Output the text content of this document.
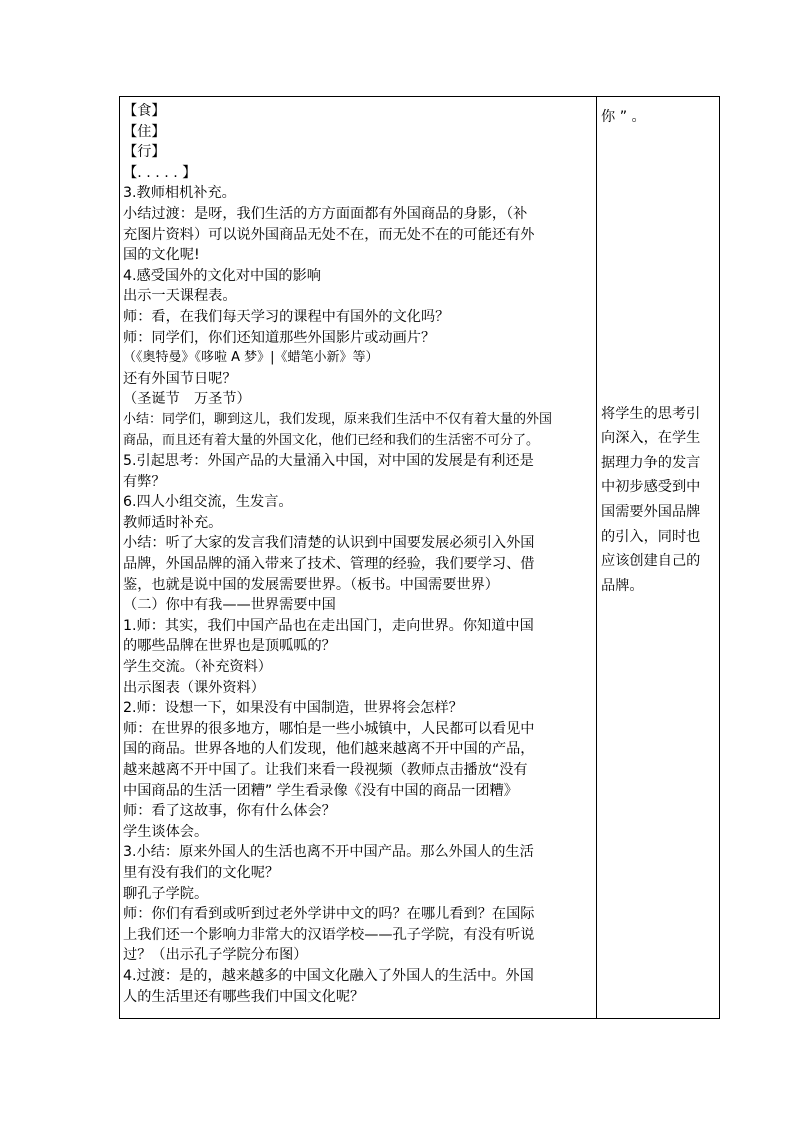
【食】
【住】
【行】
【. . . . . 】
3.教师相机补充。
小结过渡：是呀，我们生活的方方面面都有外国商品的身影，（补
充图片资料）可以说外国商品无处不在，而无处不在的可能还有外
国的文化呢!
4.感受国外的文化对中国的影响
出示一天课程表。
师：看，在我们每天学习的课程中有国外的文化吗？
师：同学们，你们还知道那些外国影片或动画片？
（《奥特曼》《哆啦 A 梦》|《蜡笔小新》等）
还有外国节日呢？
（圣诞节　万圣节）
小结：同学们，聊到这儿，我们发现，原来我们生活中不仅有着大量的外国
商品，而且还有着大量的外国文化，他们已经和我们的生活密不可分了。
5.引起思考：外国产品的大量涌入中国，对中国的发展是有利还是
有弊？
6.四人小组交流，生发言。
教师适时补充。
小结：听了大家的发言我们清楚的认识到中国要发展必须引入外国
品牌，外国品牌的涌入带来了技术、管理的经验，我们要学习、借
鉴，也就是说中国的发展需要世界。（板书。中国需要世界）
（二）你中有我——世界需要中国
1.师：其实，我们中国产品也在走出国门，走向世界。你知道中国
的哪些品牌在世界也是顶呱呱的？
学生交流。（补充资料）
出示图表（课外资料）
2.师：设想一下，如果没有中国制造，世界将会怎样？
师：在世界的很多地方，哪怕是一些小城镇中，人民都可以看见中
国的商品。世界各地的人们发现，他们越来越离不开中国的产品，
越来越离不开中国了。让我们来看一段视频（教师点击播放“没有
中国商品的生活一团糟” 学生看录像《没有中国的商品一团糟》
师：看了这故事，你有什么体会？
学生谈体会。
3.小结：原来外国人的生活也离不开中国产品。那么外国人的生活
里有没有我们的文化呢？
聊孔子学院。
师：你们有看到或听到过老外学讲中文的吗？在哪儿看到？在国际
上我们还一个影响力非常大的汉语学校——孔子学院，有没有听说
过？（出示孔子学院分布图）
4.过渡：是的，越来越多的中国文化融入了外国人的生活中。外国
人的生活里还有哪些我们中国文化呢？
你 ” 。
将学生的思考引
向深入，在学生
据理力争的发言
中初步感受到中
国需要外国品牌
的引入，同时也
应该创建自己的
品牌。
